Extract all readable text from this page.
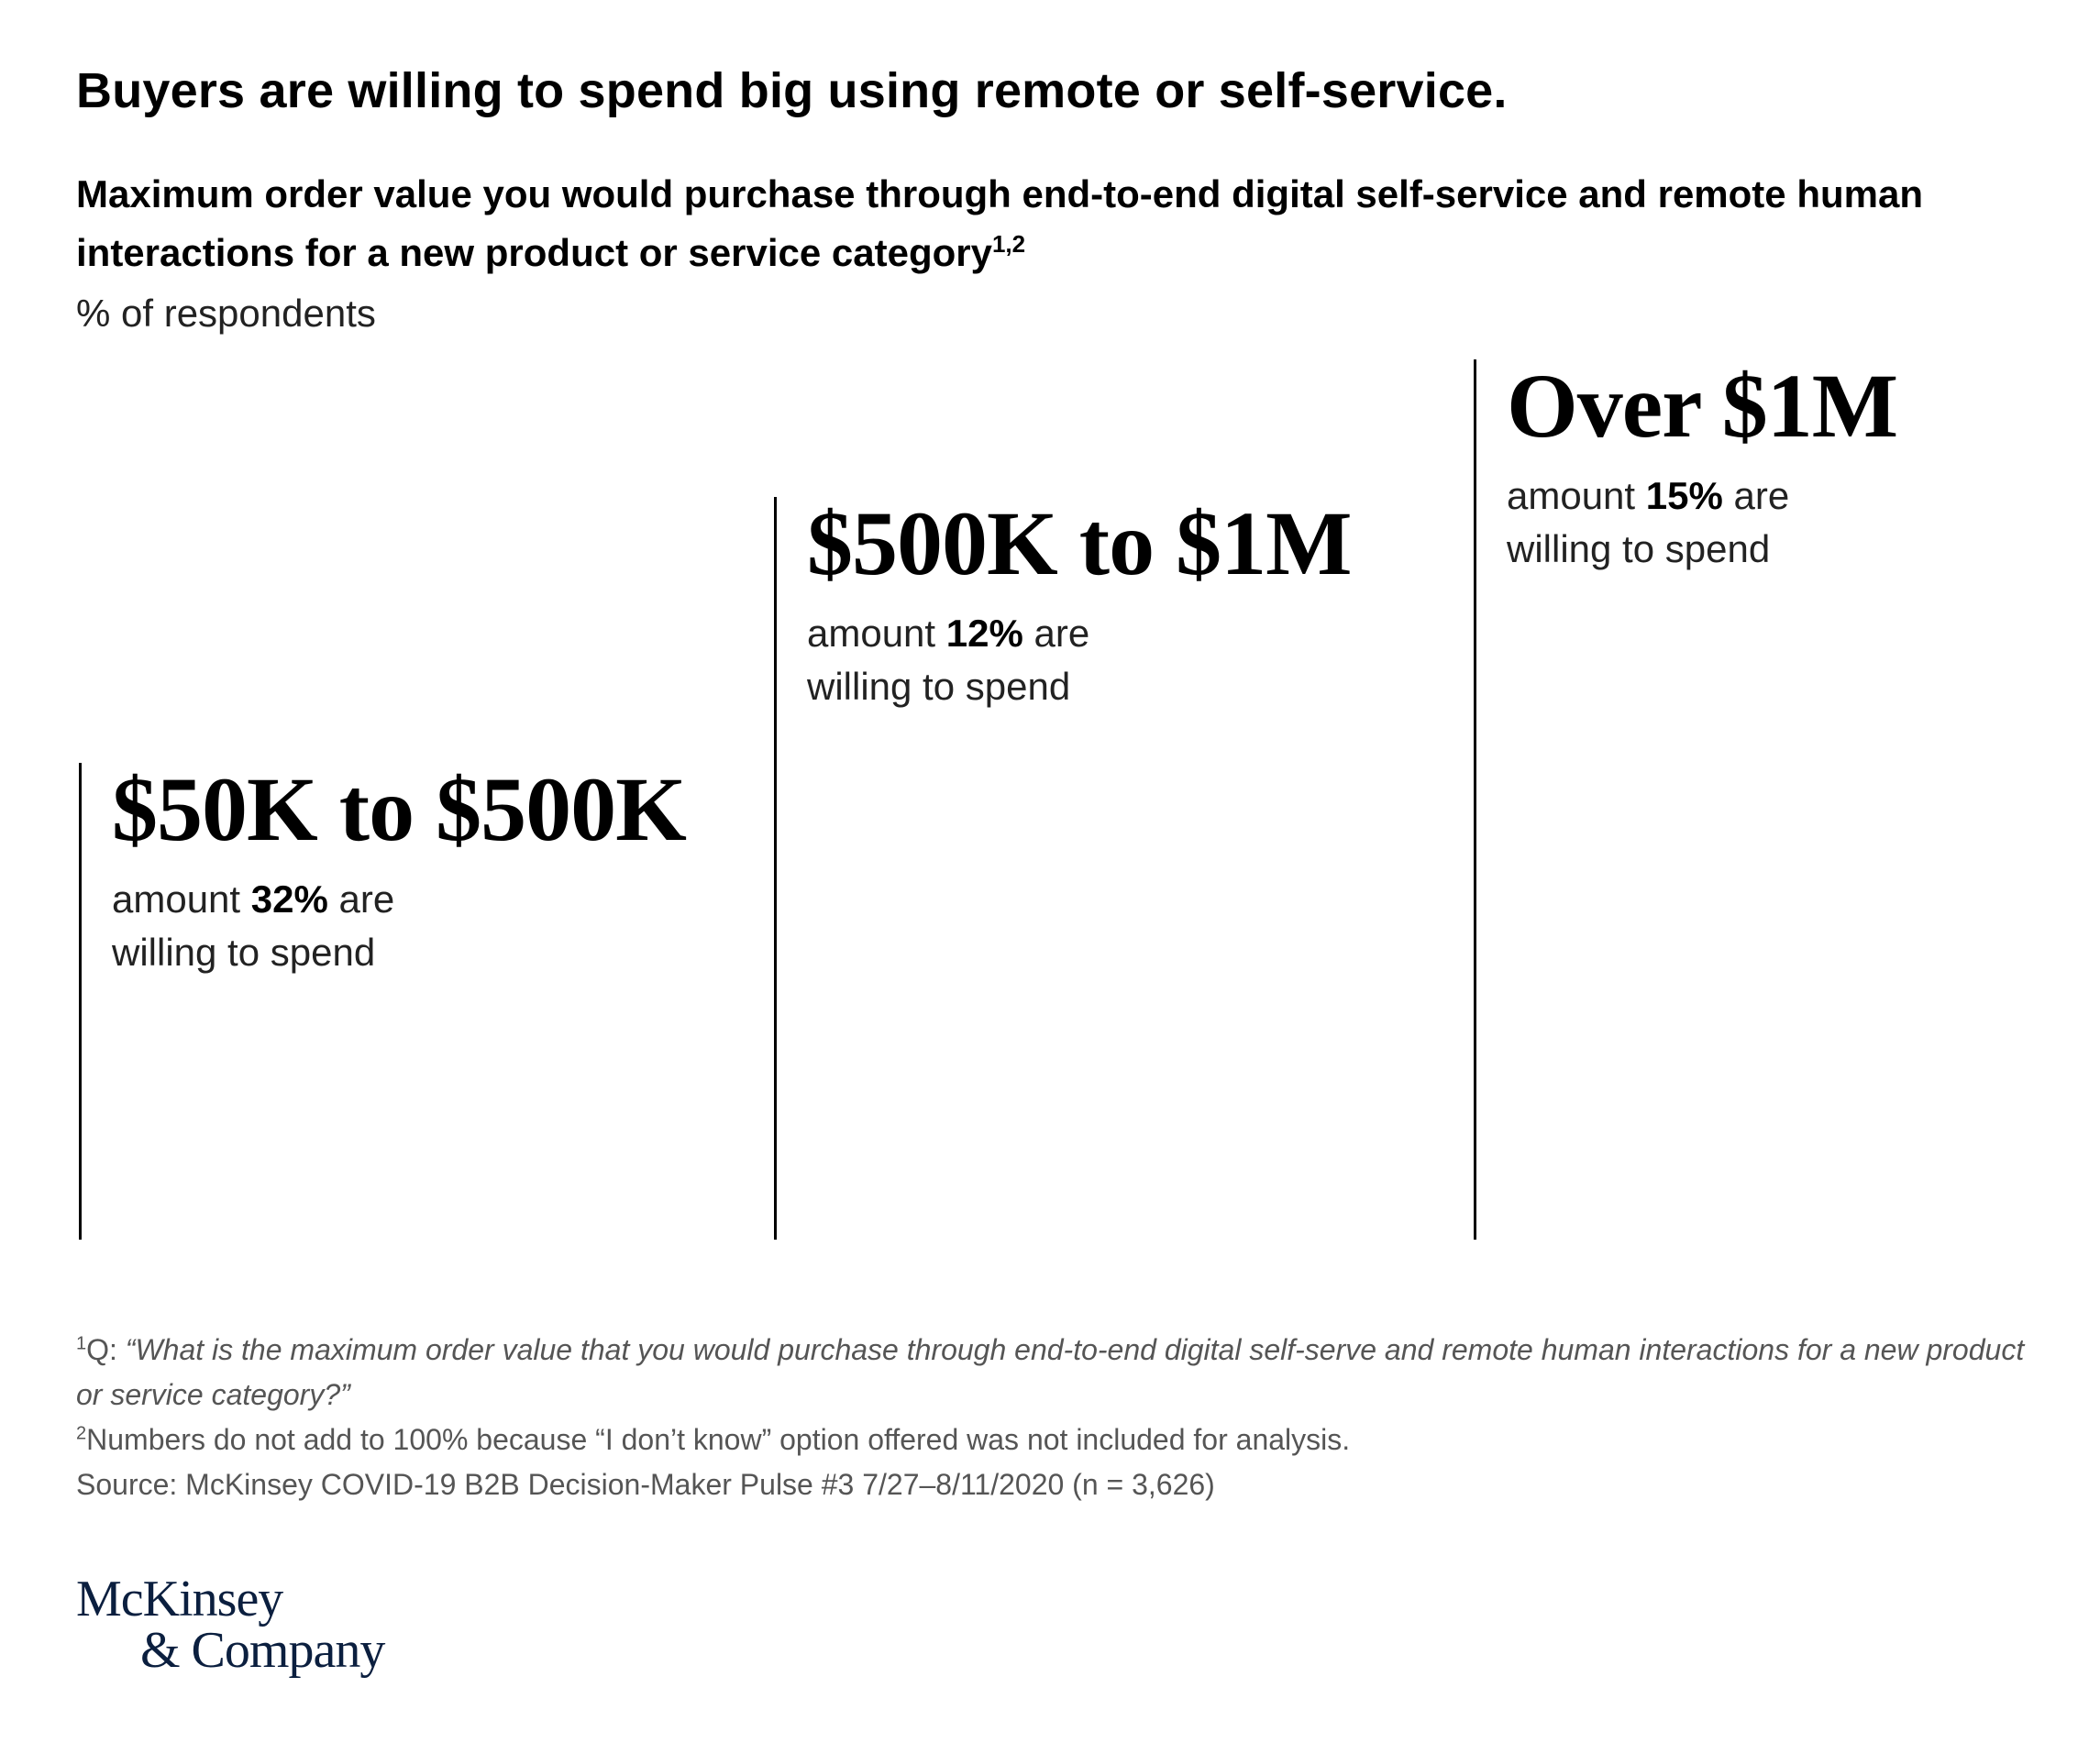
Buyers are willing to spend big using remote or self-service.
Maximum order value you would purchase through end-to-end digital self-service and remote human interactions for a new product or service category$^{1,2}$
% of respondents
$50K to $500K
amount 32% are willing to spend
$500K to $1M
amount 12% are willing to spend
Over $1M
amount 15% are willing to spend
$^1$Q: “What is the maximum order value that you would purchase through end-to-end digital self-serve and remote human interactions for a new product or service category?”
$^2$Numbers do not add to 100% because “I don’t know” option offered was not included for analysis.
Source: McKinsey COVID-19 B2B Decision-Maker Pulse #3 7/27–8/11/2020 (n = 3,626)
McKinsey
& Company
